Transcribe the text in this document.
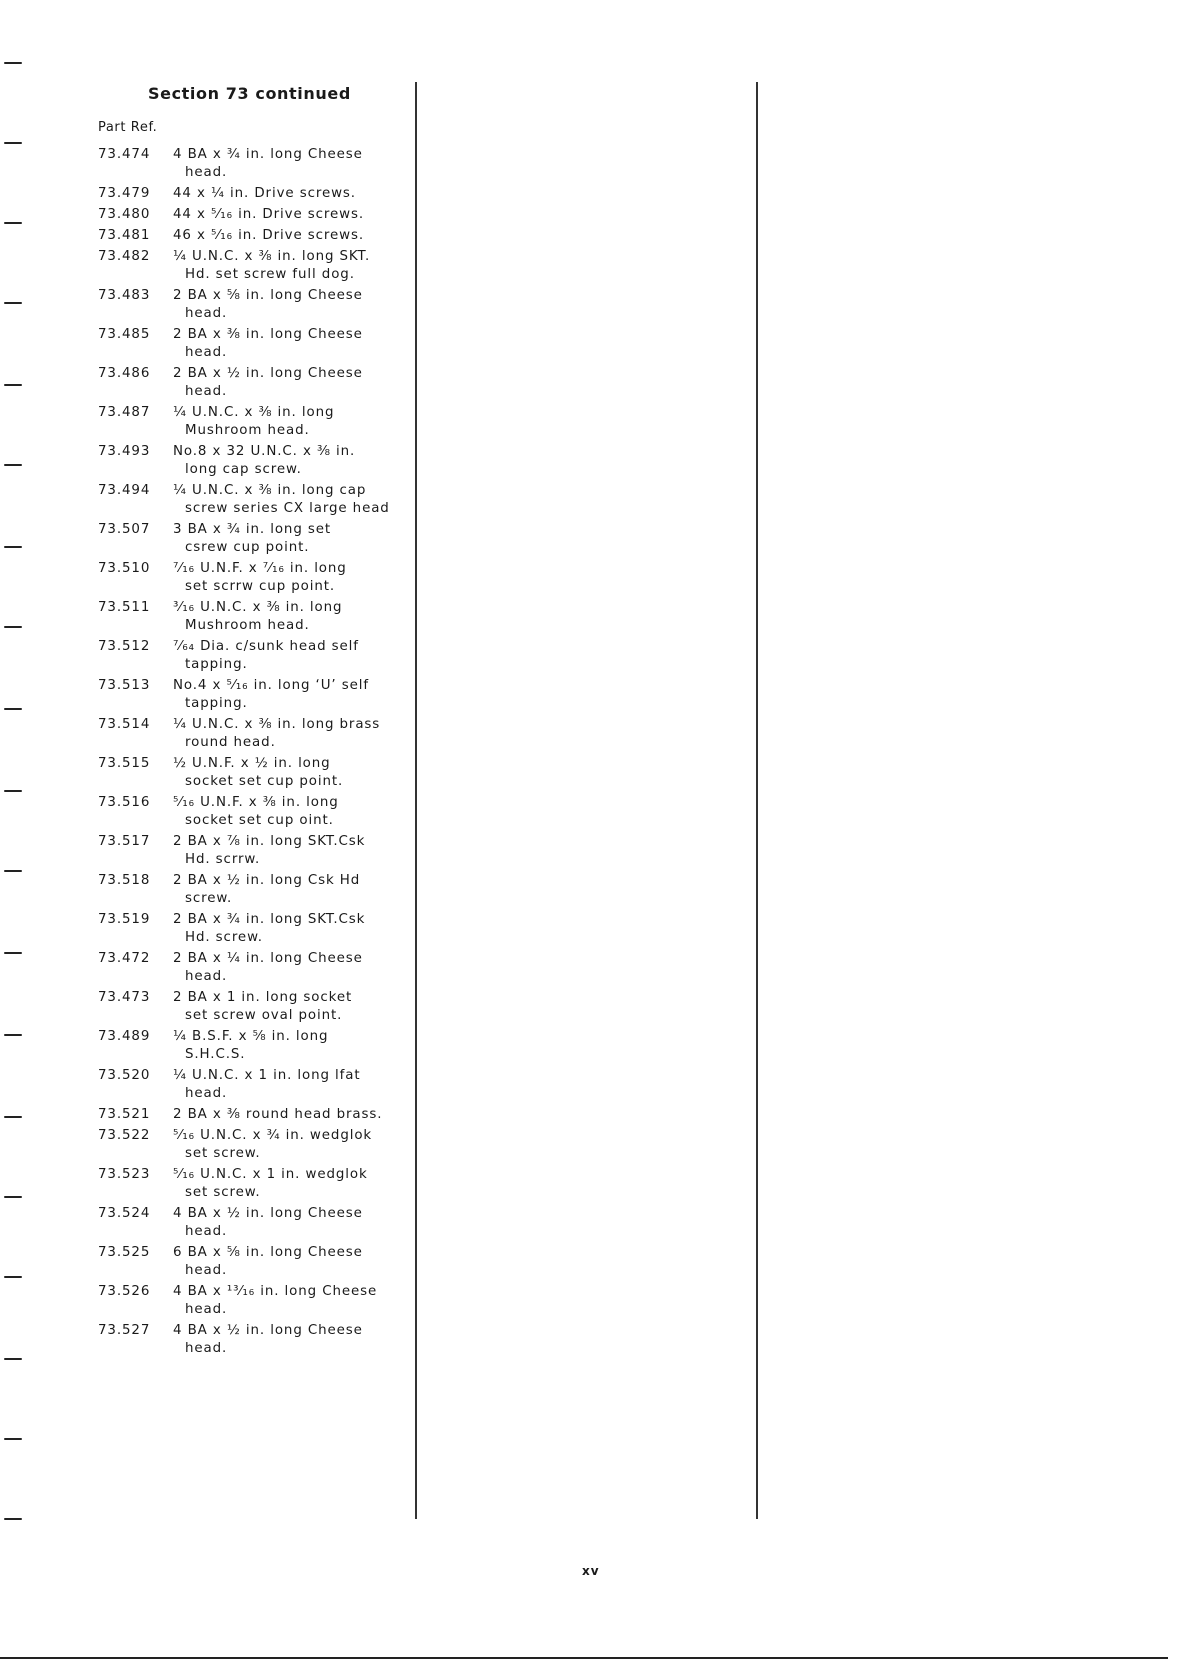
Section 73 continued
Part Ref.
73.474	4 BA x ¾ in. long Cheese
head.
73.479	44 x ¼ in. Drive screws.
73.480	44 x ⁵⁄₁₆ in. Drive screws.
73.481	46 x ⁵⁄₁₆ in. Drive screws.
73.482	¼ U.N.C. x ⅜ in. long SKT.
Hd. set screw full dog.
73.483	2 BA x ⅝ in. long Cheese
head.
73.485	2 BA x ⅜ in. long Cheese
head.
73.486	2 BA x ½ in. long Cheese
head.
73.487	¼ U.N.C. x ⅜ in. long
Mushroom head.
73.493	No.8 x 32 U.N.C. x ⅜ in.
long cap screw.
73.494	¼ U.N.C. x ⅜ in. long cap
screw series CX large head
73.507	3 BA x ¾ in. long set
csrew cup point.
73.510	⁷⁄₁₆ U.N.F. x ⁷⁄₁₆ in. long
set scrrw cup point.
73.511	³⁄₁₆ U.N.C. x ⅜ in. long
Mushroom head.
73.512	⁷⁄₆₄ Dia. c/sunk head self
tapping.
73.513	No.4 x ⁵⁄₁₆ in. long ‘U’ self
tapping.
73.514	¼ U.N.C. x ⅜ in. long brass
round head.
73.515	½ U.N.F. x ½ in. long
socket set cup point.
73.516	⁵⁄₁₆ U.N.F. x ⅜ in. long
socket set cup oint.
73.517	2 BA x ⅞ in. long SKT.Csk
Hd. scrrw.
73.518	2 BA x ½ in. long Csk Hd
screw.
73.519	2 BA x ¾ in. long SKT.Csk
Hd. screw.
73.472	2 BA x ¼ in. long Cheese
head.
73.473	2 BA x 1 in. long socket
set screw oval point.
73.489	¼ B.S.F. x ⅝ in. long
S.H.C.S.
73.520	¼ U.N.C. x 1 in. long lfat
head.
73.521	2 BA x ⅜ round head brass.
73.522	⁵⁄₁₆ U.N.C. x ¾ in. wedglok
set screw.
73.523	⁵⁄₁₆ U.N.C. x 1 in. wedglok
set screw.
73.524	4 BA x ½ in. long Cheese
head.
73.525	6 BA x ⅝ in. long Cheese
head.
73.526	4 BA x ¹³⁄₁₆ in. long Cheese
head.
73.527	4 BA x ½ in. long Cheese
head.
xv
